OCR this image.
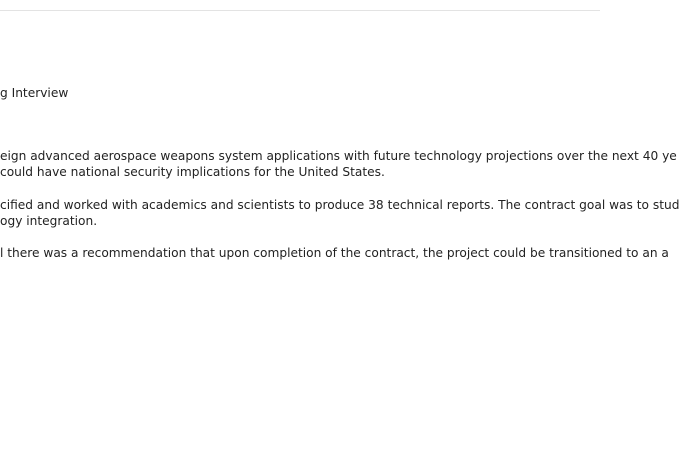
g Interview
eign advanced aerospace weapons system applications with future technology projections over the next 40 ye
could have national security implications for the United States.
cified and worked with academics and scientists to produce 38 technical reports. The contract goal was to stud
ogy integration.
l there was a recommendation that upon completion of the contract, the project could be transitioned to an a
